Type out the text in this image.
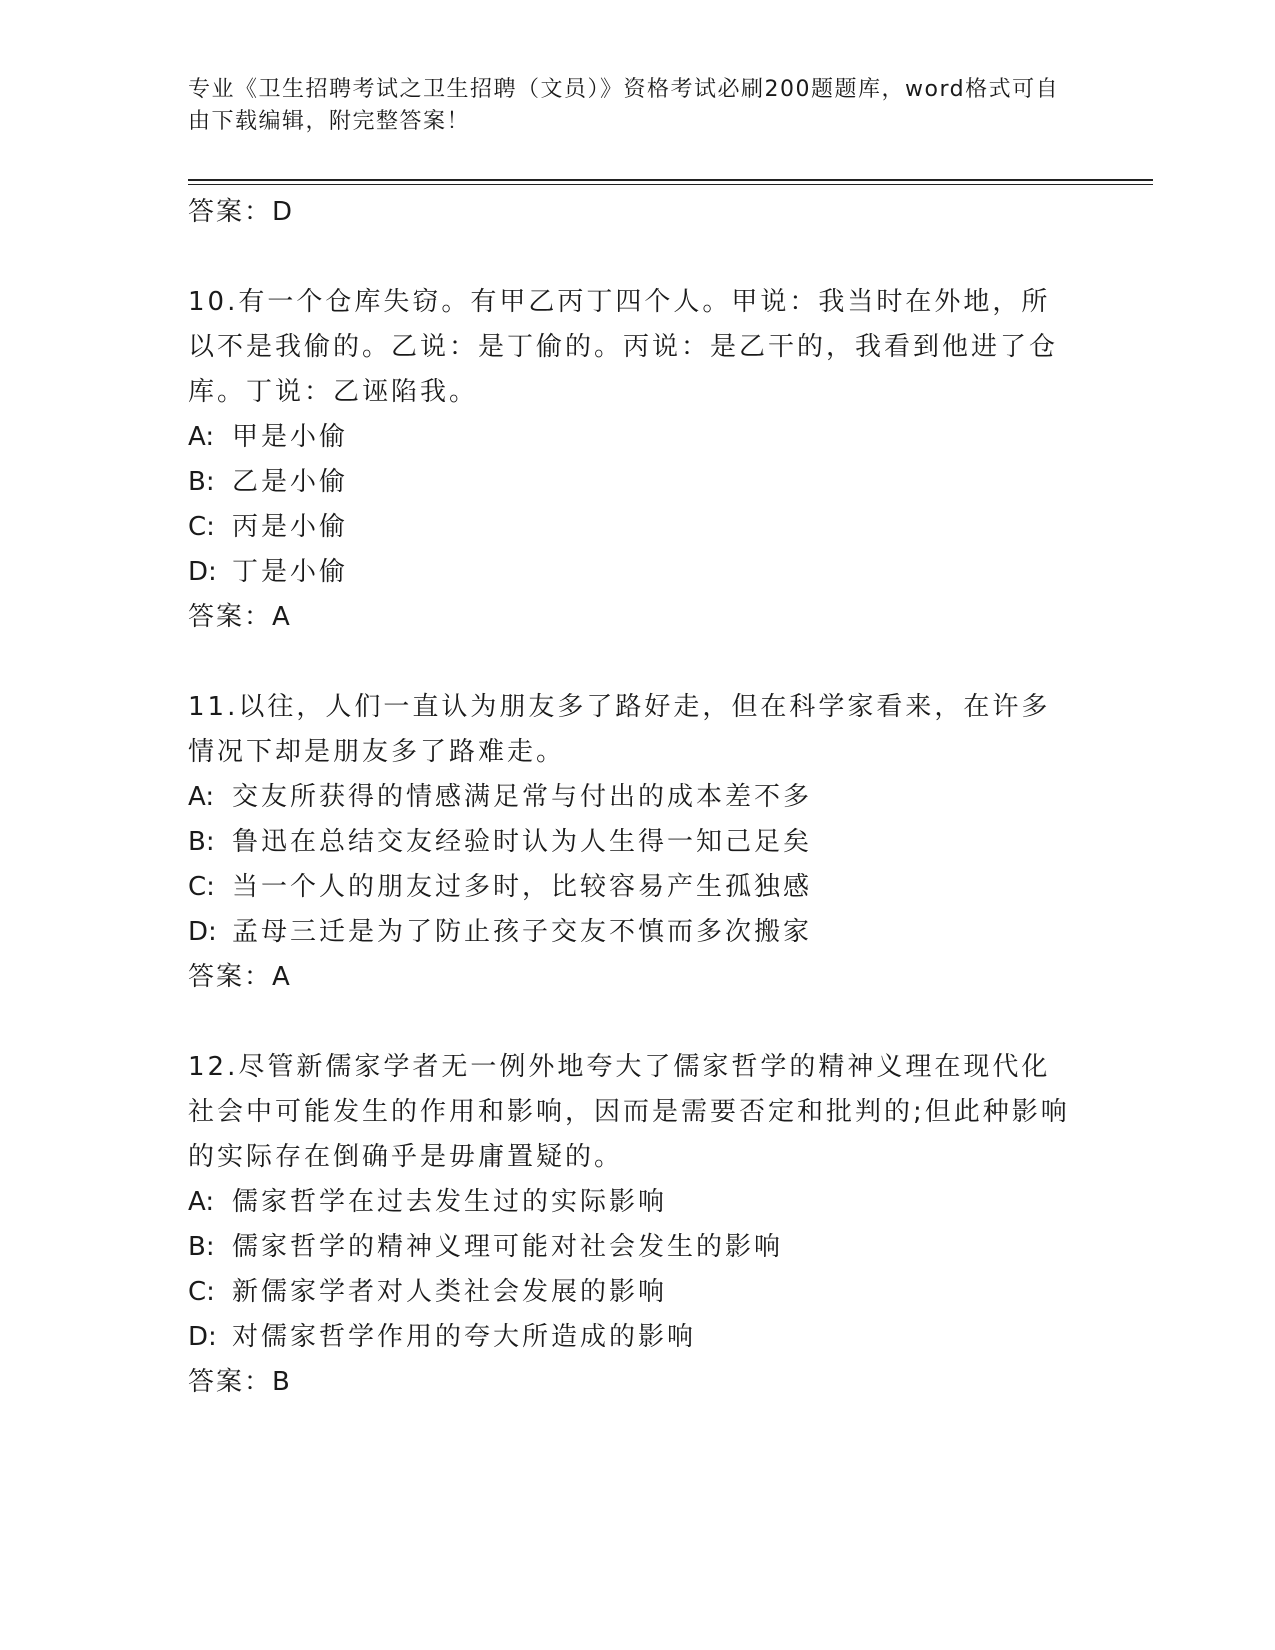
专业《卫生招聘考试之卫生招聘（文员）》资格考试必刷200题题库，word格式可自由下载编辑，附完整答案！
答案：D

10.有一个仓库失窃。有甲乙丙丁四个人。甲说：我当时在外地，所以不是我偷的。乙说：是丁偷的。丙说：是乙干的，我看到他进了仓库。丁说：乙诬陷我。

A: 甲是小偷
B: 乙是小偷
C: 丙是小偷
D: 丁是小偷
答案：A

11.以往，人们一直认为朋友多了路好走，但在科学家看来，在许多情况下却是朋友多了路难走。

A: 交友所获得的情感满足常与付出的成本差不多
B: 鲁迅在总结交友经验时认为人生得一知己足矣
C: 当一个人的朋友过多时，比较容易产生孤独感
D: 孟母三迁是为了防止孩子交友不慎而多次搬家
答案：A

12.尽管新儒家学者无一例外地夸大了儒家哲学的精神义理在现代化社会中可能发生的作用和影响，因而是需要否定和批判的;但此种影响的实际存在倒确乎是毋庸置疑的。

A: 儒家哲学在过去发生过的实际影响
B: 儒家哲学的精神义理可能对社会发生的影响
C: 新儒家学者对人类社会发展的影响
D: 对儒家哲学作用的夸大所造成的影响
答案：B
